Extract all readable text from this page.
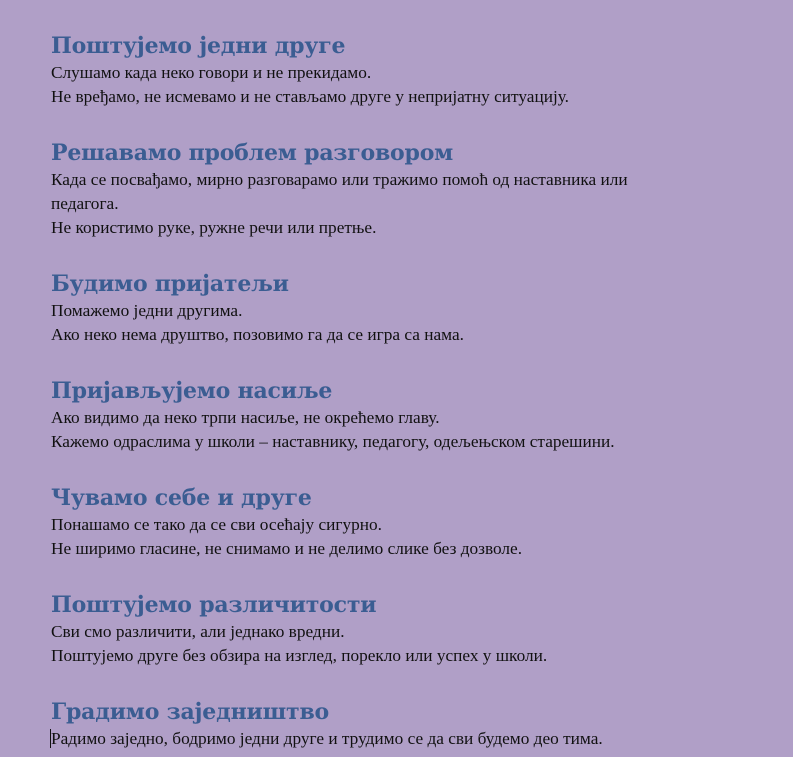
Поштујемо једни друге

Слушамо када неко говори и не прекидамо.

Не вређамо, не исмевамо и не стављамо друге у непријатну ситуацију.

Решавамо проблем разговором

Када се посвађамо, мирно разговарамо или тражимо помоћ од наставника или

педагога.

Не користимо руке, ружне речи или претње.

Будимо пријатељи

Помажемо једни другима.

Ако неко нема друштво, позовимо га да се игра са нама.

Пријављујемо насиље

Ако видимо да неко трпи насиље, не окрећемо главу.

Кажемо одраслима у школи – наставнику, педагогу, одељењском старешини.

Чувамо себе и друге

Понашамо се тако да се сви осећају сигурно.

Не ширимо гласине, не снимамо и не делимо слике без дозволе.

Поштујемо различитости

Сви смо различити, али једнако вредни.

Поштујемо друге без обзира на изглед, порекло или успех у школи.

Градимо заједништво

Радимо заједно, бодримо једни друге и трудимо се да сви будемо део тима.
